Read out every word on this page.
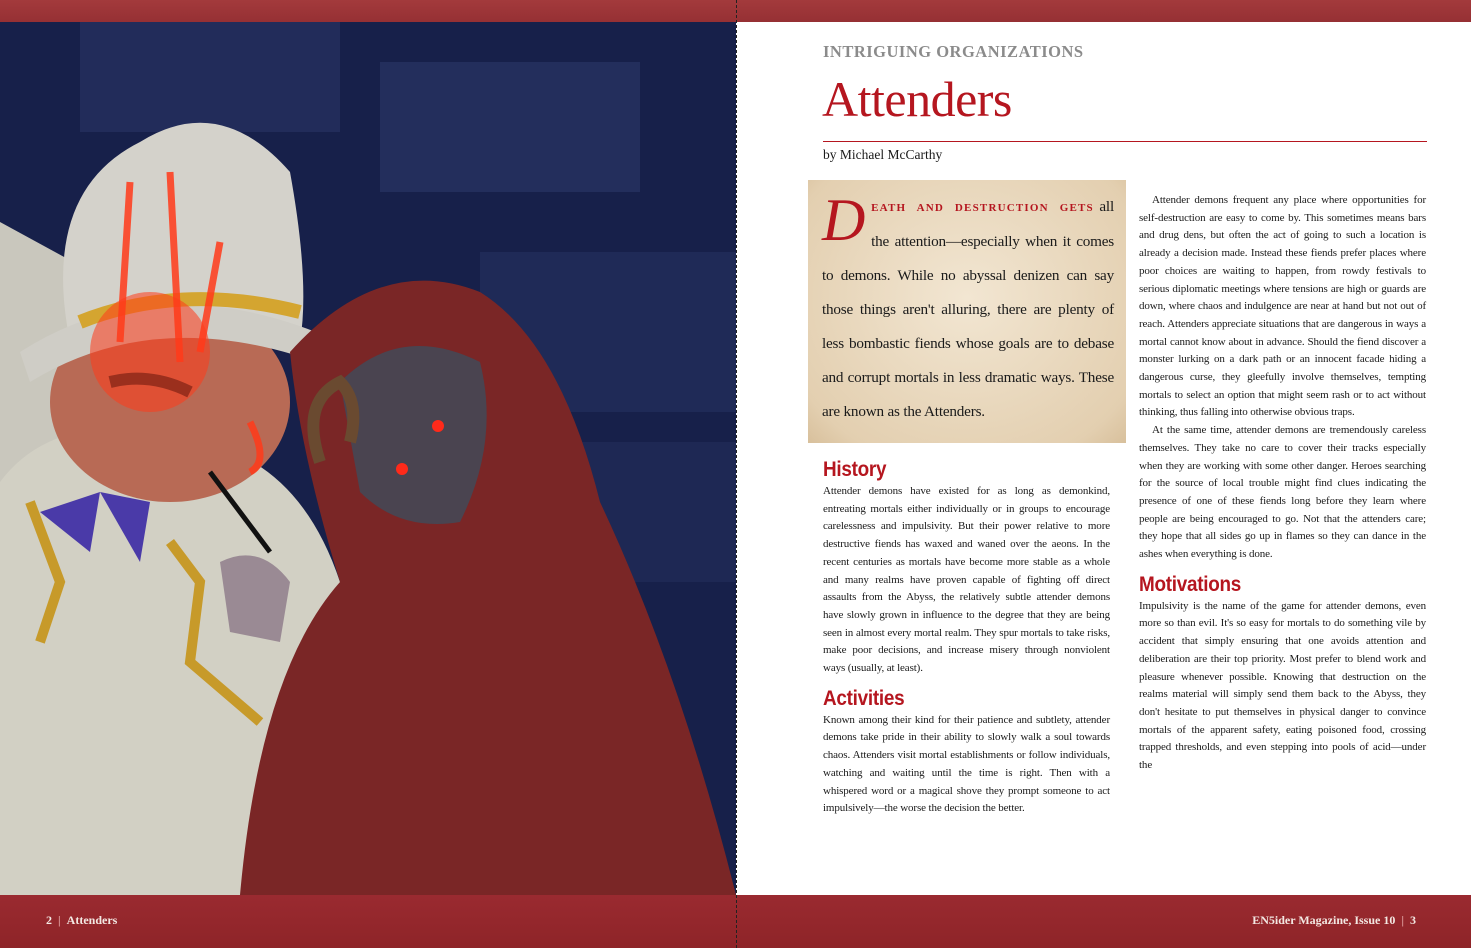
2 | Attenders	EN5ider Magazine, Issue 10 | 3
INTRIGUING ORGANIZATIONS
Attenders
by Michael McCarthy

DEATH AND DESTRUCTION GETS all the attention—especially when it comes to demons. While no abyssal denizen can say those things aren't alluring, there are plenty of less bombastic fiends whose goals are to debase and corrupt mortals in less dramatic ways. These are known as the Attenders.

History

Attender demons have existed for as long as demonkind, entreating mortals either individually or in groups to encourage carelessness and impulsivity. But their power relative to more destructive fiends has waxed and waned over the aeons. In the recent centuries as mortals have become more stable as a whole and many realms have proven capable of fighting off direct assaults from the Abyss, the relatively subtle attender demons have slowly grown in influence to the degree that they are being seen in almost every mortal realm. They spur mortals to take risks, make poor decisions, and increase misery through nonviolent ways (usually, at least).

Activities

Known among their kind for their patience and subtlety, attender demons take pride in their ability to slowly walk a soul towards chaos. Attenders visit mortal establishments or follow individuals, watching and waiting until the time is right. Then with a whispered word or a magical shove they prompt someone to act impulsively—the worse the decision the better.

Attender demons frequent any place where opportunities for self-destruction are easy to come by. This sometimes means bars and drug dens, but often the act of going to such a location is already a decision made. Instead these fiends prefer places where poor choices are waiting to happen, from rowdy festivals to serious diplomatic meetings where tensions are high or guards are down, where chaos and indulgence are near at hand but not out of reach. Attenders appreciate situations that are dangerous in ways a mortal cannot know about in advance. Should the fiend discover a monster lurking on a dark path or an innocent facade hiding a dangerous curse, they gleefully involve themselves, tempting mortals to select an option that might seem rash or to act without thinking, thus falling into otherwise obvious traps.

At the same time, attender demons are tremendously careless themselves. They take no care to cover their tracks especially when they are working with some other danger. Heroes searching for the source of local trouble might find clues indicating the presence of one of these fiends long before they learn where people are being encouraged to go. Not that the attenders care; they hope that all sides go up in flames so they can dance in the ashes when everything is done.

Motivations

Impulsivity is the name of the game for attender demons, even more so than evil. It's so easy for mortals to do something vile by accident that simply ensuring that one avoids attention and deliberation are their top priority. Most prefer to blend work and pleasure whenever possible. Knowing that destruction on the realms material will simply send them back to the Abyss, they don't hesitate to put themselves in physical danger to convince mortals of the apparent safety, eating poisoned food, crossing trapped thresholds, and even stepping into pools of acid—under the
